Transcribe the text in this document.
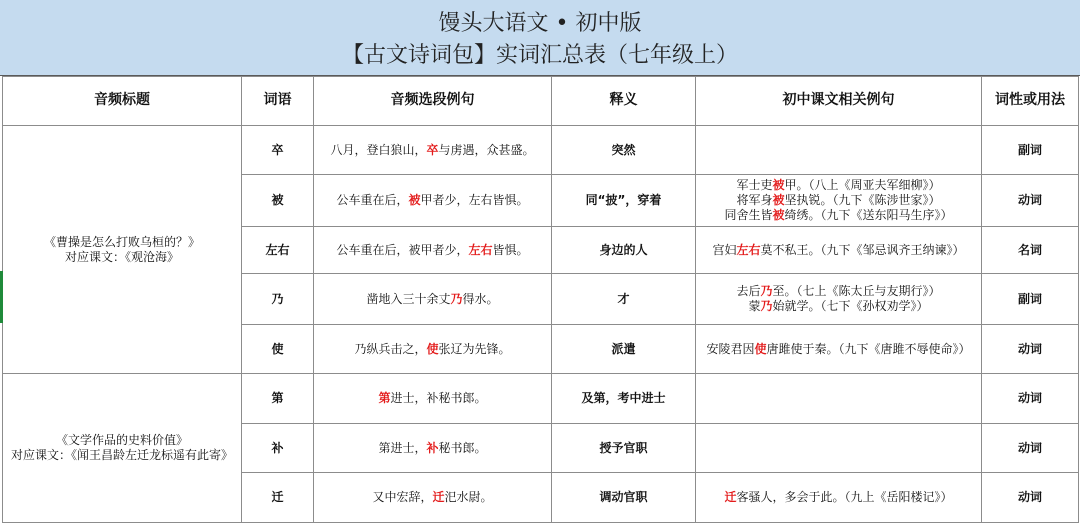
馒头大语文 • 初中版
【古文诗词包】实词汇总表（七年级上）
音频标题	词语	音频选段例句	释义	初中课文相关例句	词性或用法
《曹操是怎么打败乌桓的？》
对应课文：《观沧海》	卒	八月，登白狼山，卒与虏遇，众甚盛。	突然		副词
	被	公车重在后，被甲者少，左右皆惧。	同“披”，穿着	军士吏被甲。（八上《周亚夫军细柳》）
将军身被坚执锐。（九下《陈涉世家》）
同舍生皆被绮绣。（九下《送东阳马生序》）	动词
	左右	公车重在后，被甲者少，左右皆惧。	身边的人	宫妇左右莫不私王。（九下《邹忌讽齐王纳谏》）	名词
	乃	凿地入三十余丈乃得水。	才	去后乃至。（七上《陈太丘与友期行》）
蒙乃始就学。（七下《孙权劝学》）	副词
	使	乃纵兵击之，使张辽为先锋。	派遣	安陵君因使唐雎使于秦。（九下《唐雎不辱使命》）	动词
《文学作品的史料价值》
对应课文：《闻王昌龄左迁龙标遥有此寄》	第	第进士，补秘书郎。	及第，考中进士		动词
	补	第进士，补秘书郎。	授予官职		动词
	迁	又中宏辞，迁汜水尉。	调动官职	迁客骚人，多会于此。（九上《岳阳楼记》）	动词
